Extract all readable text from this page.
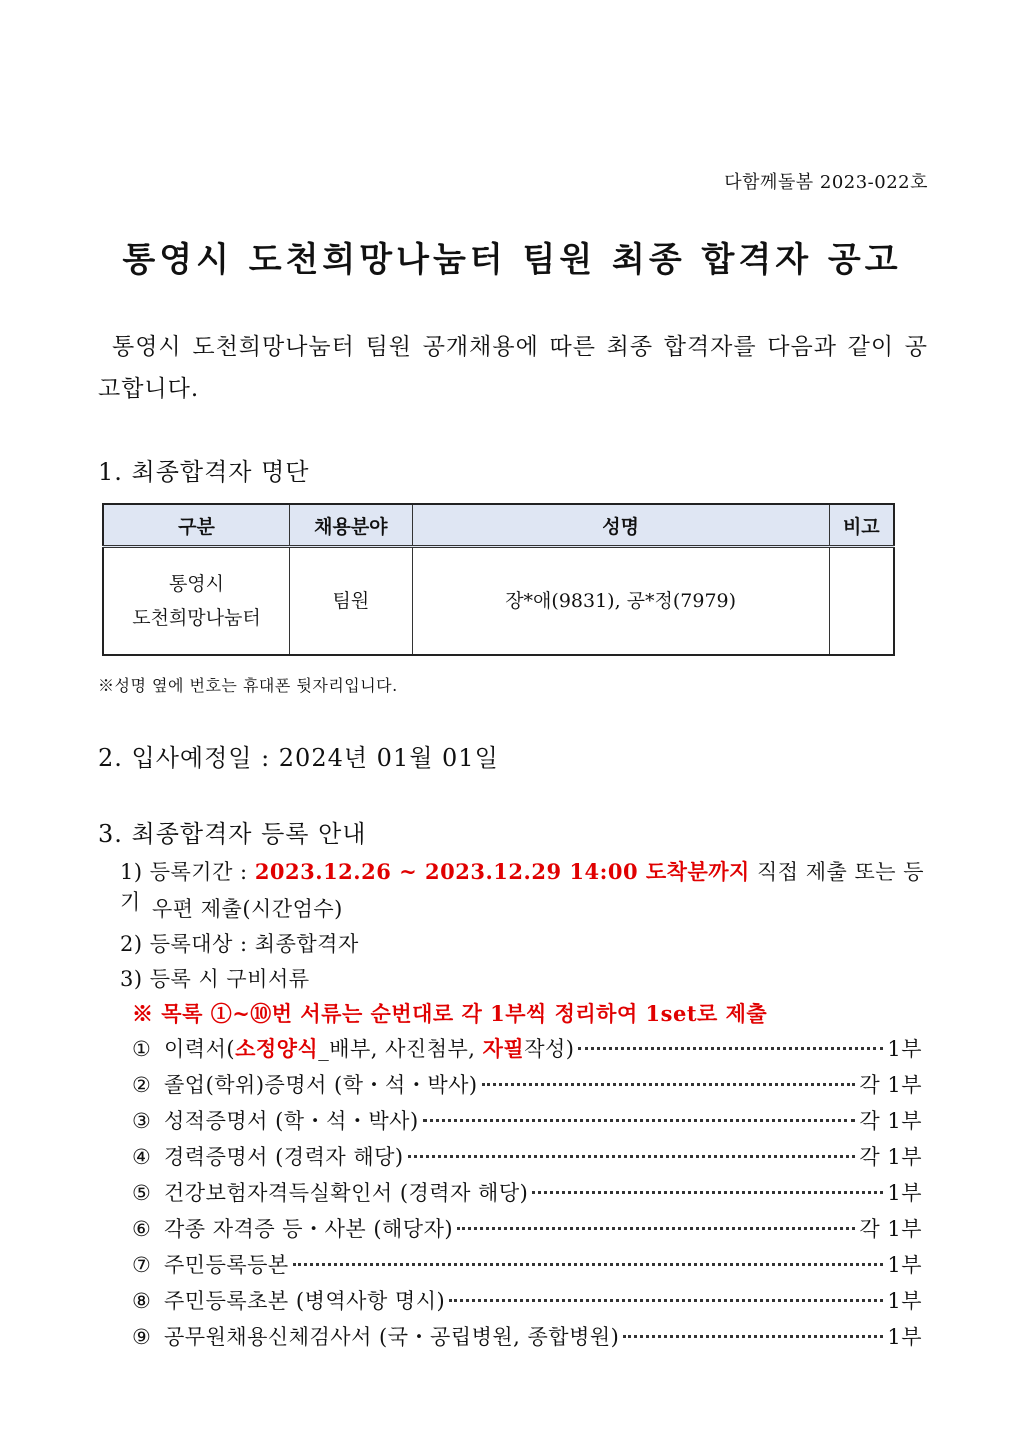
다함께돌봄 2023-022호
통영시 도천희망나눔터 팀원 최종 합격자 공고
통영시 도천희망나눔터 팀원 공개채용에 따른 최종 합격자를 다음과 같이 공고합니다.
1. 최종합격자 명단
구분	채용분야	성명	비고

통영시
도천희망나눔터	팀원	장*애(9831), 공*정(7979)	
※성명 옆에 번호는 휴대폰 뒷자리입니다.
2. 입사예정일 : 2024년 01월 01일
3. 최종합격자 등록 안내
1) 등록기간 : 2023.12.26 ~ 2023.12.29 14:00 도착분까지 직접 제출 또는 등기 우편 제출(시간엄수)
2) 등록대상 : 최종합격자
3) 등록 시 구비서류
※ 목록 ①~⑩번 서류는 순번대로 각 1부씩 정리하여 1set로 제출
① 이력서(소정양식_배부, 사진첨부, 자필작성)	1부
② 졸업(학위)증명서 (학・석・박사)	각 1부
③ 성적증명서 (학・석・박사)	각 1부
④ 경력증명서 (경력자 해당)	각 1부
⑤ 건강보험자격득실확인서 (경력자 해당)	1부
⑥ 각종 자격증 등・사본 (해당자)	각 1부
⑦ 주민등록등본	1부
⑧ 주민등록초본 (병역사항 명시)	1부
⑨ 공무원채용신체검사서 (국・공립병원, 종합병원)	1부
